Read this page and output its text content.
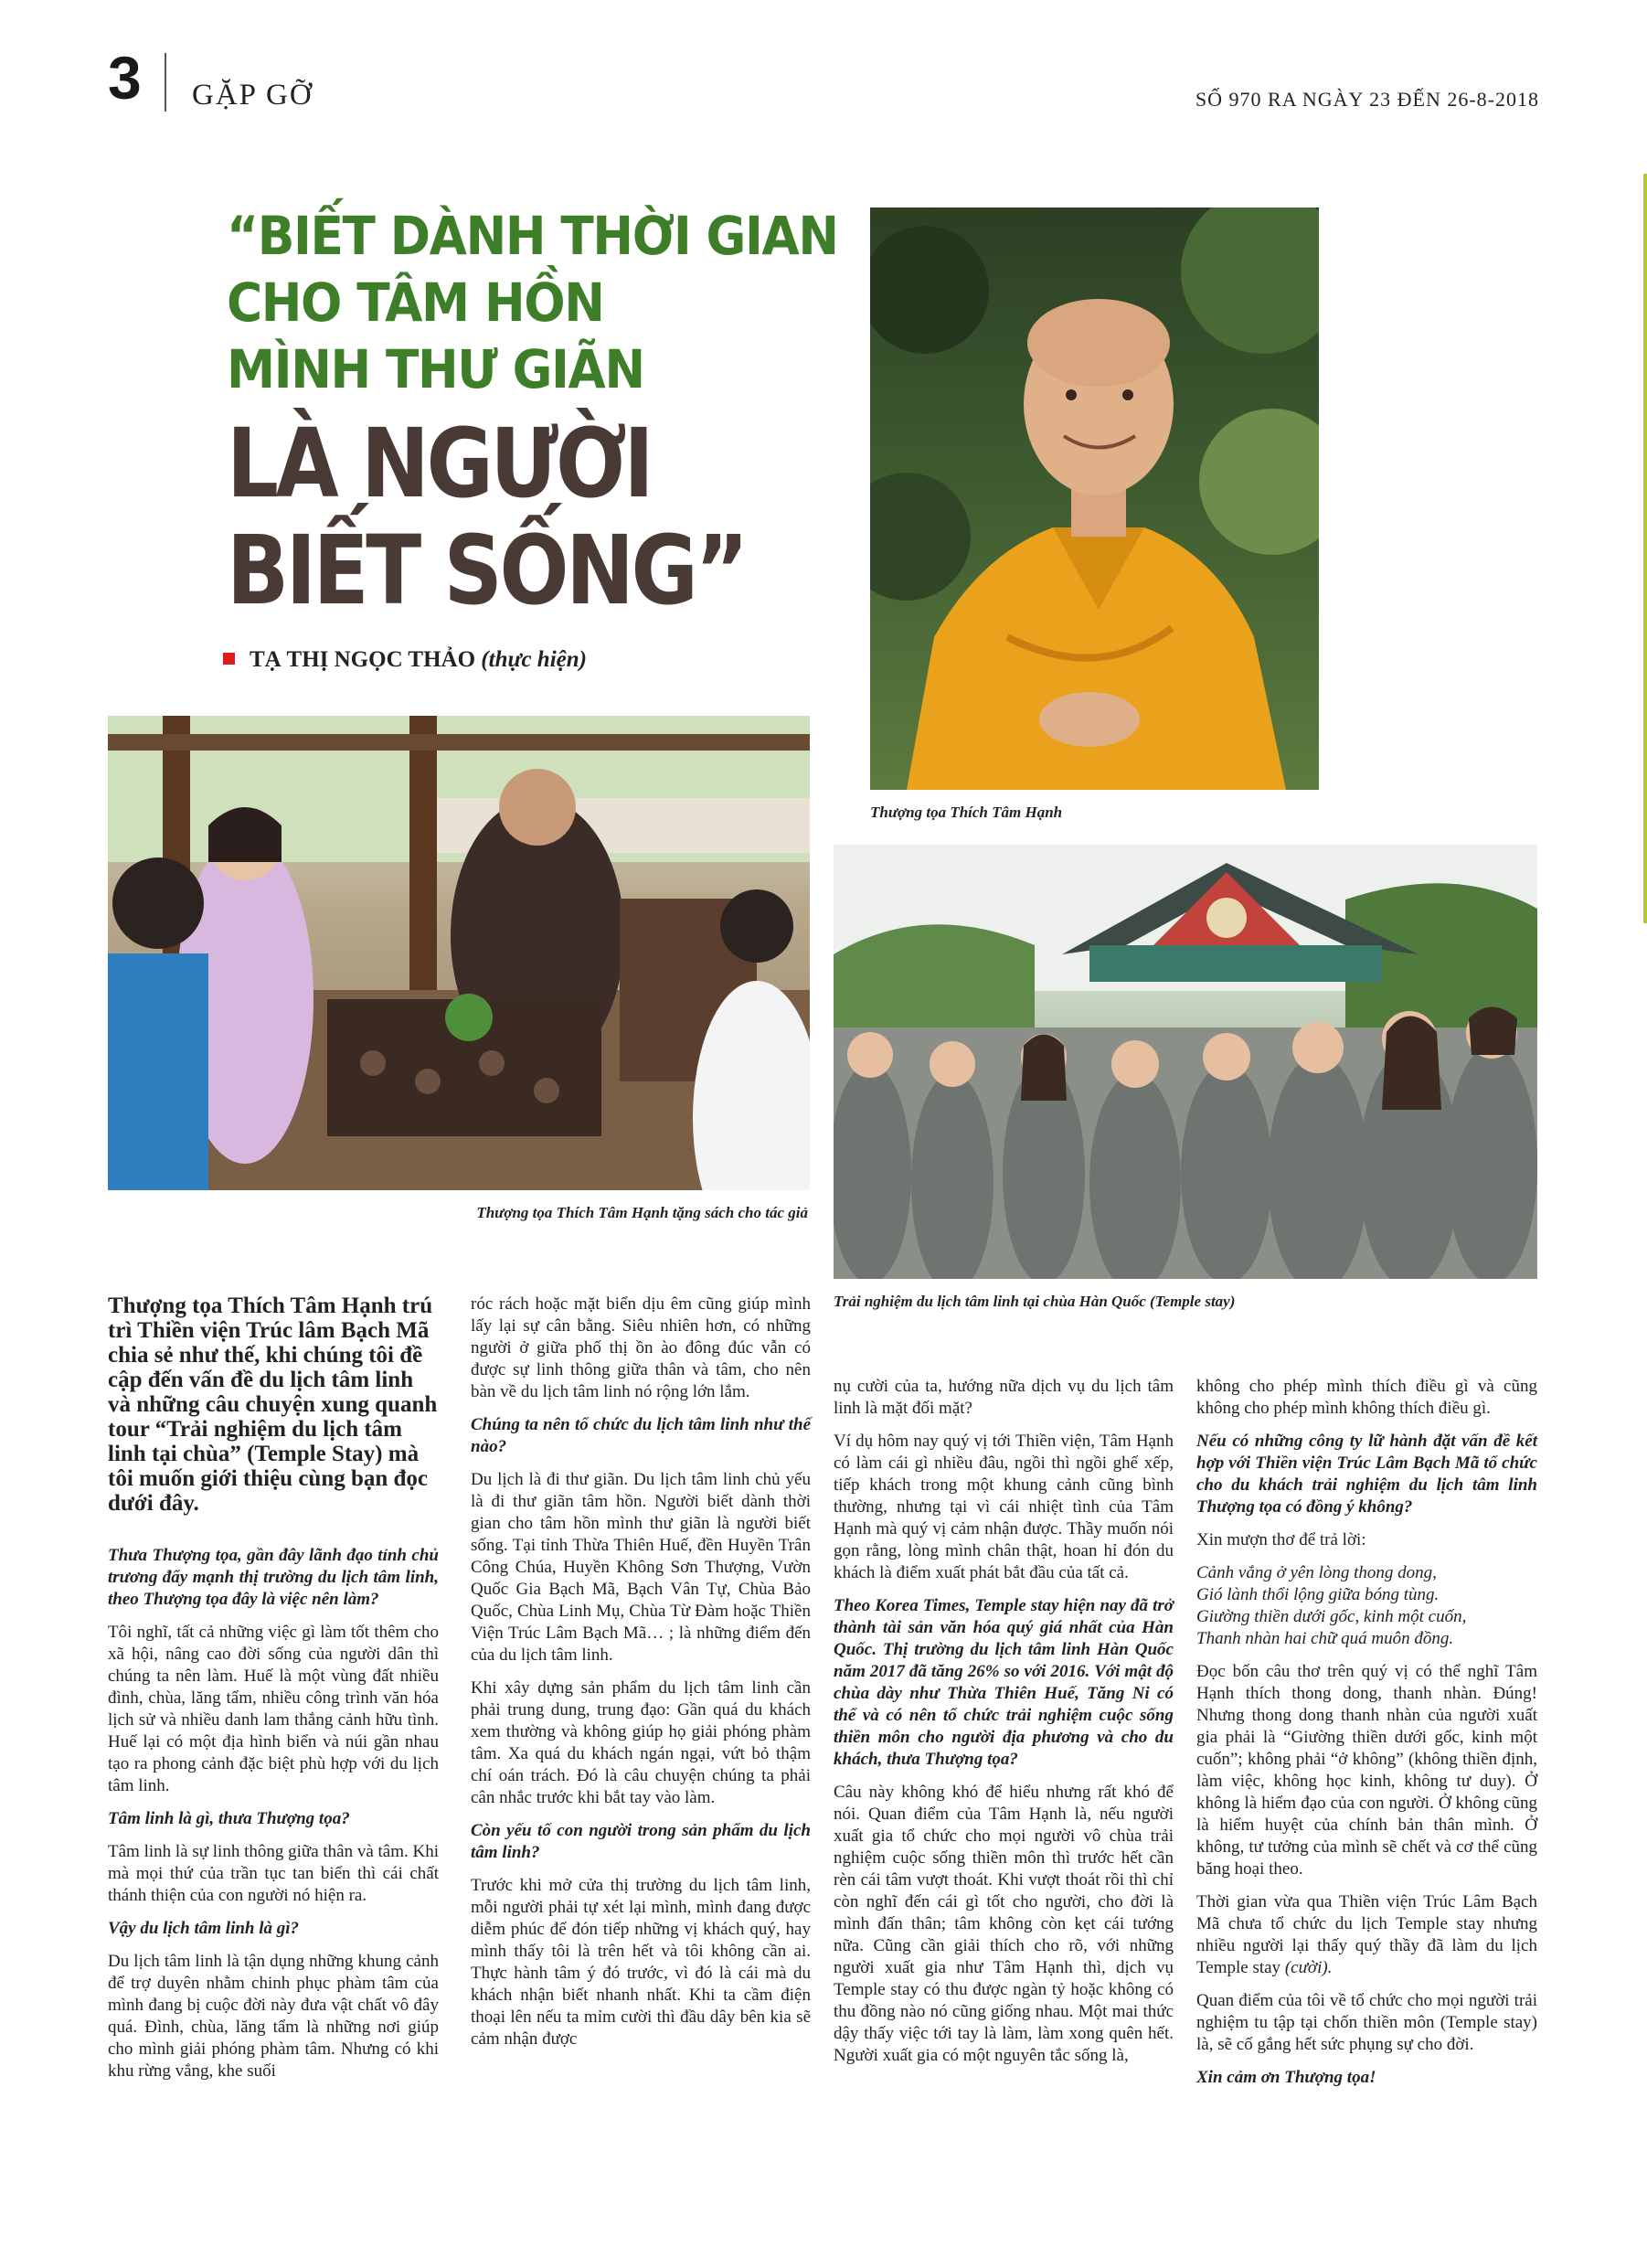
3 GẶP GỠ	SỐ 970 RA NGÀY 23 ĐẾN 26-8-2018
“BIẾT DÀNH THỜI GIAN
CHO TÂM HỒN
MÌNH THƯ GIÃN
LÀ NGƯỜI
BIẾT SỐNG”
TẠ THỊ NGỌC THẢO (thực hiện)
Thượng tọa Thích Tâm Hạnh
Thượng tọa Thích Tâm Hạnh tặng sách cho tác giả
Trải nghiệm du lịch tâm linh tại chùa Hàn Quốc (Temple stay)

Thượng tọa Thích Tâm Hạnh trú trì Thiền viện Trúc lâm Bạch Mã chia sẻ như thế, khi chúng tôi đề cập đến vấn đề du lịch tâm linh và những câu chuyện xung quanh tour “Trải nghiệm du lịch tâm linh tại chùa” (Temple Stay) mà tôi muốn giới thiệu cùng bạn đọc dưới đây.

Thưa Thượng tọa, gần đây lãnh đạo tỉnh chủ trương đẩy mạnh thị trường du lịch tâm linh, theo Thượng tọa đây là việc nên làm?

Tôi nghĩ, tất cả những việc gì làm tốt thêm cho xã hội, nâng cao đời sống của người dân thì chúng ta nên làm. Huế là một vùng đất nhiều đình, chùa, lăng tẩm, nhiều công trình văn hóa lịch sử và nhiều danh lam thắng cảnh hữu tình. Huế lại có một địa hình biển và núi gần nhau tạo ra phong cảnh đặc biệt phù hợp với du lịch tâm linh.

Tâm linh là gì, thưa Thượng tọa?

Tâm linh là sự linh thông giữa thân và tâm. Khi mà mọi thứ của trần tục tan biến thì cái chất thánh thiện của con người nó hiện ra.

Vậy du lịch tâm linh là gì?

Du lịch tâm linh là tận dụng những khung cảnh để trợ duyên nhằm chinh phục phàm tâm của mình đang bị cuộc đời này đưa vật chất vô đây quá. Đình, chùa, lăng tẩm là những nơi giúp cho mình giải phóng phàm tâm. Nhưng có khi khu rừng vắng, khe suối

róc rách hoặc mặt biển dịu êm cũng giúp mình lấy lại sự cân bằng. Siêu nhiên hơn, có những người ở giữa phố thị ồn ào đông đúc vẫn có được sự linh thông giữa thân và tâm, cho nên bàn về du lịch tâm linh nó rộng lớn lắm.

Chúng ta nên tổ chức du lịch tâm linh như thế nào?

Du lịch là đi thư giãn. Du lịch tâm linh chủ yếu là đi thư giãn tâm hồn. Người biết dành thời gian cho tâm hồn mình thư giãn là người biết sống. Tại tỉnh Thừa Thiên Huế, đền Huyền Trân Công Chúa, Huyền Không Sơn Thượng, Vườn Quốc Gia Bạch Mã, Bạch Vân Tự, Chùa Bảo Quốc, Chùa Linh Mụ, Chùa Từ Đàm hoặc Thiền Viện Trúc Lâm Bạch Mã… ; là những điểm đến của du lịch tâm linh.

Khi xây dựng sản phẩm du lịch tâm linh cần phải trung dung, trung đạo: Gần quá du khách xem thường và không giúp họ giải phóng phàm tâm. Xa quá du khách ngán ngại, vứt bỏ thậm chí oán trách. Đó là câu chuyện chúng ta phải cân nhắc trước khi bắt tay vào làm.

Còn yếu tố con người trong sản phẩm du lịch tâm linh?

Trước khi mở cửa thị trường du lịch tâm linh, mỗi người phải tự xét lại mình, mình đang được diễm phúc để đón tiếp những vị khách quý, hay mình thấy tôi là trên hết và tôi không cần ai. Thực hành tâm ý đó trước, vì đó là cái mà du khách nhận biết nhanh nhất. Khi ta cầm điện thoại lên nếu ta mỉm cười thì đầu dây bên kia sẽ cảm nhận được

nụ cười của ta, hướng nữa dịch vụ du lịch tâm linh là mặt đối mặt?

Ví dụ hôm nay quý vị tới Thiền viện, Tâm Hạnh có làm cái gì nhiều đâu, ngồi thì ngồi ghế xếp, tiếp khách trong một khung cảnh cũng bình thường, nhưng tại vì cái nhiệt tình của Tâm Hạnh mà quý vị cảm nhận được. Thầy muốn nói gọn rằng, lòng mình chân thật, hoan hỉ đón du khách là điểm xuất phát bắt đầu của tất cả.

Theo Korea Times, Temple stay hiện nay đã trở thành tài sản văn hóa quý giá nhất của Hàn Quốc. Thị trường du lịch tâm linh Hàn Quốc năm 2017 đã tăng 26% so với 2016. Với mật độ chùa dày như Thừa Thiên Huế, Tăng Ni có thể và có nên tổ chức trải nghiệm cuộc sống thiền môn cho người địa phương và cho du khách, thưa Thượng tọa?

Câu này không khó để hiểu nhưng rất khó để nói. Quan điểm của Tâm Hạnh là, nếu người xuất gia tổ chức cho mọi người vô chùa trải nghiệm cuộc sống thiền môn thì trước hết cần rèn cái tâm vượt thoát. Khi vượt thoát rồi thì chỉ còn nghĩ đến cái gì tốt cho người, cho đời là mình đấn thân; tâm không còn kẹt cái tướng nữa. Cũng cần giải thích cho rõ, với những người xuất gia như Tâm Hạnh thì, dịch vụ Temple stay có thu được ngàn tỷ hoặc không có thu đồng nào nó cũng giống nhau. Một mai thức dậy thấy việc tới tay là làm, làm xong quên hết. Người xuất gia có một nguyên tắc sống là,

không cho phép mình thích điều gì và cũng không cho phép mình không thích điều gì.

Nếu có những công ty lữ hành đặt vấn đề kết hợp với Thiền viện Trúc Lâm Bạch Mã tổ chức cho du khách trải nghiệm du lịch tâm linh Thượng tọa có đồng ý không?

Xin mượn thơ để trả lời:

Cảnh vắng ở yên lòng thong dong,
Gió lành thổi lộng giữa bóng tùng.
Giường thiền dưới gốc, kinh một cuốn,
Thanh nhàn hai chữ quá muôn đồng.

Đọc bốn câu thơ trên quý vị có thể nghĩ Tâm Hạnh thích thong dong, thanh nhàn. Đúng! Nhưng thong dong thanh nhàn của người xuất gia phải là “Giường thiền dưới gốc, kinh một cuốn”; không phải “ở không” (không thiền định, làm việc, không học kinh, không tư duy). Ở không là hiểm đạo của con người. Ở không cũng là hiểm huyệt của chính bản thân mình. Ở không, tư tưởng của mình sẽ chết và cơ thể cũng băng hoại theo.

Thời gian vừa qua Thiền viện Trúc Lâm Bạch Mã chưa tổ chức du lịch Temple stay nhưng nhiều người lại thấy quý thầy đã làm du lịch Temple stay (cười).

Quan điểm của tôi về tổ chức cho mọi người trải nghiệm tu tập tại chốn thiền môn (Temple stay) là, sẽ cố gắng hết sức phụng sự cho đời.

Xin cảm ơn Thượng tọa!
